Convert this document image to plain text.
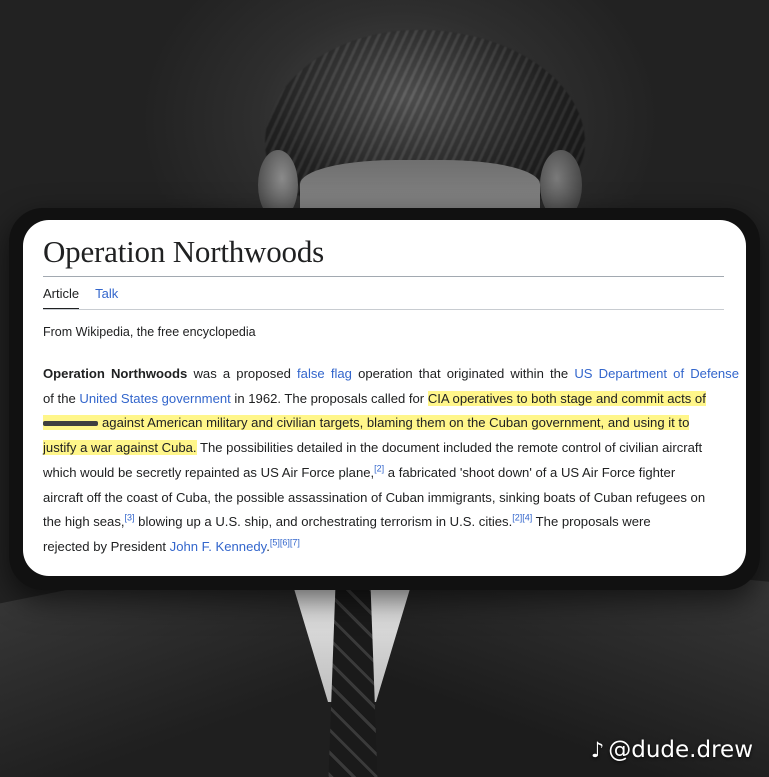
Operation Northwoods
Article Talk
From Wikipedia, the free encyclopedia
Operation Northwoods was a proposed false flag operation that originated within the US Department of Defense
of the United States government in 1962. The proposals called for CIA operatives to both stage and commit acts of
against American military and civilian targets, blaming them on the Cuban government, and using it to
justify a war against Cuba. The possibilities detailed in the document included the remote control of civilian aircraft
which would be secretly repainted as US Air Force plane,[2] a fabricated 'shoot down' of a US Air Force fighter
aircraft off the coast of Cuba, the possible assassination of Cuban immigrants, sinking boats of Cuban refugees on
the high seas,[3] blowing up a U.S. ship, and orchestrating terrorism in U.S. cities.[2][4] The proposals were
rejected by President John F. Kennedy.[5][6][7]
♪ @dude.drew
